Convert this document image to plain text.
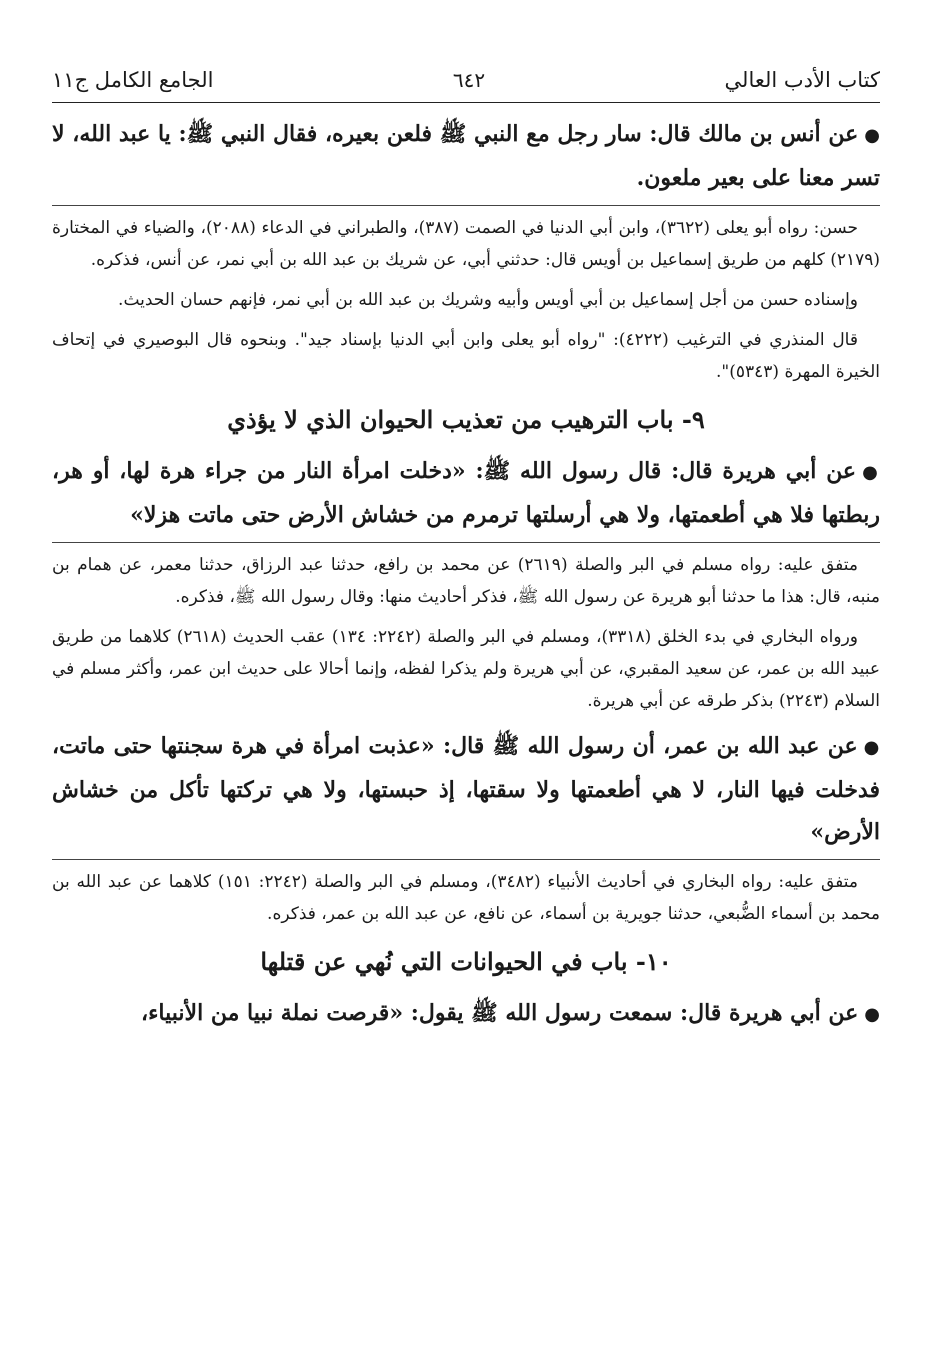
كتاب الأدب العالي
٦٤٢
الجامع الكامل ج١١

●عن أنس بن مالك قال: سار رجل مع النبي ﷺ فلعن بعيره، فقال النبي ﷺ: يا عبد الله، لا تسر معنا على بعير ملعون.

حسن: رواه أبو يعلى (٣٦٢٢)، وابن أبي الدنيا في الصمت (٣٨٧)، والطبراني في الدعاء (٢٠٨٨)، والضياء في المختارة (٢١٧٩) كلهم من طريق إسماعيل بن أويس قال: حدثني أبي، عن شريك بن عبد الله بن أبي نمر، عن أنس، فذكره.

وإسناده حسن من أجل إسماعيل بن أبي أويس وأبيه وشريك بن عبد الله بن أبي نمر، فإنهم حسان الحديث.

قال المنذري في الترغيب (٤٢٢٢): "رواه أبو يعلى وابن أبي الدنيا بإسناد جيد". وبنحوه قال البوصيري في إتحاف الخيرة المهرة (٥٣٤٣)".

٩- باب الترهيب من تعذيب الحيوان الذي لا يؤذي

●عن أبي هريرة قال: قال رسول الله ﷺ: «دخلت امرأة النار من جراء هرة لها، أو هر، ربطتها فلا هي أطعمتها، ولا هي أرسلتها ترمرم من خشاش الأرض حتى ماتت هزلا»

متفق عليه: رواه مسلم في البر والصلة (٢٦١٩) عن محمد بن رافع، حدثنا عبد الرزاق، حدثنا معمر، عن همام بن منبه، قال: هذا ما حدثنا أبو هريرة عن رسول الله ﷺ، فذكر أحاديث منها: وقال رسول الله ﷺ، فذكره.

ورواه البخاري في بدء الخلق (٣٣١٨)، ومسلم في البر والصلة (٢٢٤٢: ١٣٤) عقب الحديث (٢٦١٨) كلاهما من طريق عبيد الله بن عمر، عن سعيد المقبري، عن أبي هريرة ولم يذكرا لفظه، وإنما أحالا على حديث ابن عمر، وأكثر مسلم في السلام (٢٢٤٣) بذكر طرقه عن أبي هريرة.

●عن عبد الله بن عمر، أن رسول الله ﷺ قال: «عذبت امرأة في هرة سجنتها حتى ماتت، فدخلت فيها النار، لا هي أطعمتها ولا سقتها، إذ حبستها، ولا هي تركتها تأكل من خشاش الأرض»

متفق عليه: رواه البخاري في أحاديث الأنبياء (٣٤٨٢)، ومسلم في البر والصلة (٢٢٤٢: ١٥١) كلاهما عن عبد الله بن محمد بن أسماء الضُّبعي، حدثنا جويرية بن أسماء، عن نافع، عن عبد الله بن عمر، فذكره.

١٠- باب في الحيوانات التي نُهي عن قتلها

●عن أبي هريرة قال: سمعت رسول الله ﷺ يقول: «قرصت نملة نبيا من الأنبياء،
